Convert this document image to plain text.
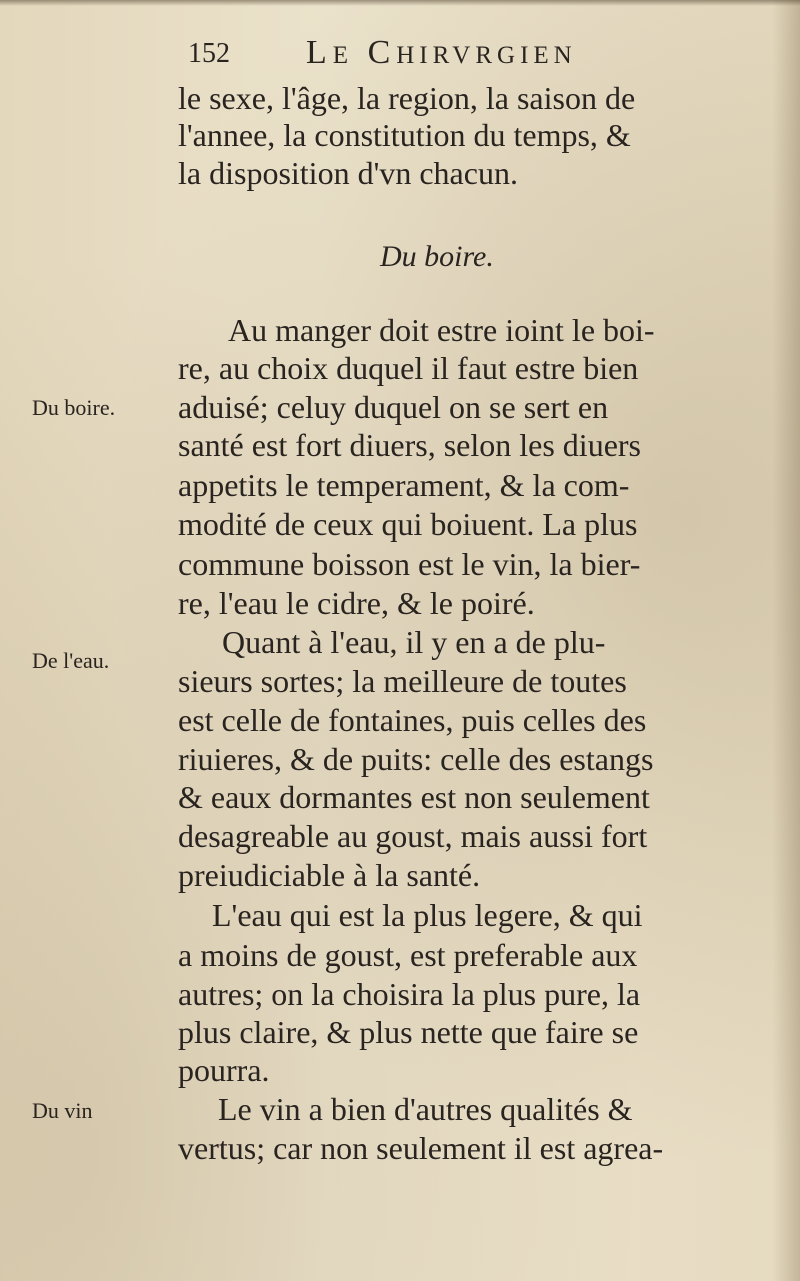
152 LE CHIRVRGIEN
le sexe, l'âge, la region, la saison de
l'annee, la constitution du temps, &
la disposition d'vn chacun.
Du boire.
Au manger doit estre ioint le boi-
re, au choix duquel il faut estre bien
aduisé; celuy duquel on se sert en
santé est fort diuers, selon les diuers
appetits le temperament, & la com-
modité de ceux qui boiuent. La plus
commune boisson est le vin, la bier-
re, l'eau le cidre, & le poiré.
Quant à l'eau, il y en a de plu-
sieurs sortes; la meilleure de toutes
est celle de fontaines, puis celles des
riuieres, & de puits: celle des estangs
& eaux dormantes est non seulement
desagreable au goust, mais aussi fort
preiudiciable à la santé.
L'eau qui est la plus legere, & qui
a moins de goust, est preferable aux
autres; on la choisira la plus pure, la
plus claire, & plus nette que faire se
pourra.
Le vin a bien d'autres qualités &
vertus; car non seulement il est agrea-
Du boire.
De l'eau.
Du vin
